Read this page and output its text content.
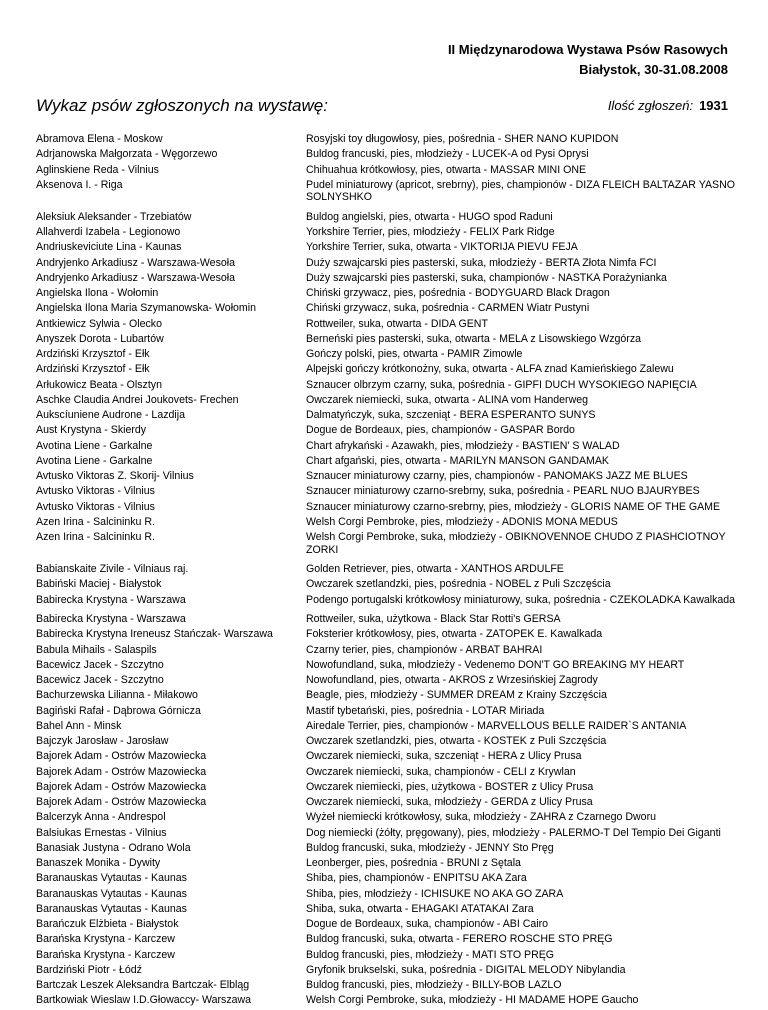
II Międzynarodowa Wystawa Psów Rasowych
Białystok, 30-31.08.2008
Wykaz psów zgłoszonych na wystawę:	Ilość zgłoszeń: 1931
Abramova Elena - Moskow	Rosyjski toy długowłosy, pies, pośrednia - SHER NANO KUPIDON
Adrjanowska Małgorzata - Węgorzewo	Buldog francuski, pies, młodzieży - LUCEK-A od Pysi Oprysi
Aglinskiene Reda - Vilnius	Chihuahua krótkowłosy, pies, otwarta - MASSAR MINI ONE
Aksenova I. - Riga	Pudel miniaturowy (apricot, srebrny), pies, championów - DIZA FLEICH BALTAZAR YASNO SOLNYSHKO
Aleksiuk Aleksander - Trzebiatów	Buldog angielski, pies, otwarta - HUGO spod Raduni
Allahverdi Izabela - Legionowo	Yorkshire Terrier, pies, młodzieży - FELIX Park Ridge
Andriuskeviciute Lina - Kaunas	Yorkshire Terrier, suka, otwarta - VIKTORIJA PIEVU FEJA
Andryjenko Arkadiusz - Warszawa-Wesoła	Duży szwajcarski pies pasterski, suka, młodzieży - BERTA Złota Nimfa FCI
Andryjenko Arkadiusz - Warszawa-Wesoła	Duży szwajcarski pies pasterski, suka, championów - NASTKA Porażynianka
Angielska Ilona - Wołomin	Chiński grzywacz, pies, pośrednia - BODYGUARD Black Dragon
Angielska Ilona Maria Szymanowska- Wołomin	Chiński grzywacz, suka, pośrednia - CARMEN Wiatr Pustyni
Antkiewicz Sylwia - Olecko	Rottweiler, suka, otwarta - DIDA GENT
Anyszek Dorota - Lubartów	Berneński pies pasterski, suka, otwarta - MELA z Lisowskiego Wzgórza
Ardziński Krzysztof - Ełk	Gończy polski, pies, otwarta - PAMIR Zimowle
Ardziński Krzysztof - Ełk	Alpejski gończy krótkonożny, suka, otwarta - ALFA znad Kamieńskiego Zalewu
Arłukowicz Beata - Olsztyn	Sznaucer olbrzym czarny, suka, pośrednia - GIPFI DUCH WYSOKIEGO NAPIĘCIA
Aschke Claudia Andrei Joukovets- Frechen	Owczarek niemiecki, suka, otwarta - ALINA vom Handerweg
Aukscíuniene Audrone - Lazdija	Dalmatyńczyk, suka, szczeniąt - BERA ESPERANTO SUNYS
Aust Krystyna - Skierdy	Dogue de Bordeaux, pies, championów - GASPAR Bordo
Avotina Liene - Garkalne	Chart afrykański - Azawakh, pies, młodzieży - BASTIEN' S WALAD
Avotina Liene - Garkalne	Chart afgański, pies, otwarta - MARILYN MANSON GANDAMAK
Avtusko Viktoras Z. Skorij- Vilnius	Sznaucer miniaturowy czarny, pies, championów - PANOMAKS JAZZ ME BLUES
Avtusko Viktoras - Vilnius	Sznaucer miniaturowy czarno-srebrny, suka, pośrednia - PEARL NUO BJAURYBES
Avtusko Viktoras - Vilnius	Sznaucer miniaturowy czarno-srebrny, pies, młodzieży - GLORIS NAME OF THE GAME
Azen Irina - Salcininku R.	Welsh Corgi Pembroke, pies, młodzieży - ADONIS MONA MEDUS
Azen Irina - Salcininku R.	Welsh Corgi Pembroke, suka, młodzieży - OBIKNOVENNOE CHUDO Z PIASHCIOTNOY ZORKI
Babianskaite Zivile - Vilniaus raj.	Golden Retriever, pies, otwarta - XANTHOS ARDULFE
Babiński Maciej - Białystok	Owczarek szetlandzki, pies, pośrednia - NOBEL z Puli Szczęścia
Babirecka Krystyna - Warszawa	Podengo portugalski krótkowłosy miniaturowy, suka, pośrednia - CZEKOLADKA Kawalkada
Babirecka Krystyna - Warszawa	Rottweiler, suka, użytkowa - Black Star Rotti's GERSA
Babirecka Krystyna Ireneusz Stańczak- Warszawa	Foksterier krótkowłosy, pies, otwarta - ZATOPEK E. Kawalkada
Babula Mihails - Salaspils	Czarny terier, pies, championów - ARBAT BAHRAI
Bacewicz Jacek - Szczytno	Nowofundland, suka, młodzieży - Vedenemo DON'T GO BREAKING MY HEART
Bacewicz Jacek - Szczytno	Nowofundland, pies, otwarta - AKROS z Wrzesińskiej Zagrody
Bachurzewska Lilianna - Miłakowo	Beagle, pies, młodzieży - SUMMER DREAM z Krainy Szczęścia
Bagiński Rafał - Dąbrowa Górnicza	Mastif tybetański, pies, pośrednia - LOTAR Miriada
Bahel Ann - Minsk	Airedale Terrier, pies, championów - MARVELLOUS BELLE RAIDER`S ANTANIA
Bajczyk Jarosław - Jarosław	Owczarek szetlandzki, pies, otwarta - KOSTEK z Puli Szczęścia
Bajorek Adam - Ostrów Mazowiecka	Owczarek niemiecki, suka, szczeniąt - HERA z Ulicy Prusa
Bajorek Adam - Ostrów Mazowiecka	Owczarek niemiecki, suka, championów - CELI z Krywlan
Bajorek Adam - Ostrów Mazowiecka	Owczarek niemiecki, pies, użytkowa - BOSTER z Ulicy Prusa
Bajorek Adam - Ostrów Mazowiecka	Owczarek niemiecki, suka, młodzieży - GERDA z Ulicy Prusa
Balcerzyk Anna - Andrespol	Wyżeł niemiecki krótkowłosy, suka, młodzieży - ZAHRA z Czarnego Dworu
Balsiukas Ernestas - Vilnius	Dog niemiecki (żółty, pręgowany), pies, młodzieży - PALERMO-T Del Tempio Dei Giganti
Banasiak Justyna - Odrano Wola	Buldog francuski, suka, młodzieży - JENNY Sto Pręg
Banaszek Monika - Dywity	Leonberger, pies, pośrednia - BRUNI z Sętala
Baranauskas Vytautas - Kaunas	Shiba, pies, championów - ENPITSU AKA Zara
Baranauskas Vytautas - Kaunas	Shiba, pies, młodzieży - ICHISUKE NO AKA GO ZARA
Baranauskas Vytautas - Kaunas	Shiba, suka, otwarta - EHAGAKI ATATAKAI Zara
Barańczuk Elżbieta - Białystok	Dogue de Bordeaux, suka, championów - ABI Cairo
Barańska Krystyna - Karczew	Buldog francuski, suka, otwarta - FERERO ROSCHE STO PRĘG
Barańska Krystyna - Karczew	Buldog francuski, pies, młodzieży - MATI STO PRĘG
Bardziński Piotr - Łódź	Gryfonik brukselski, suka, pośrednia - DIGITAL MELODY Nibylandia
Bartczak Leszek Aleksandra Bartczak- Elbląg	Buldog francuski, pies, młodzieży - BILLY-BOB LAZLO
Bartkowiak Wieslaw I.D.Głowaccy- Warszawa	Welsh Corgi Pembroke, suka, młodzieży - HI MADAME HOPE Gaucho
